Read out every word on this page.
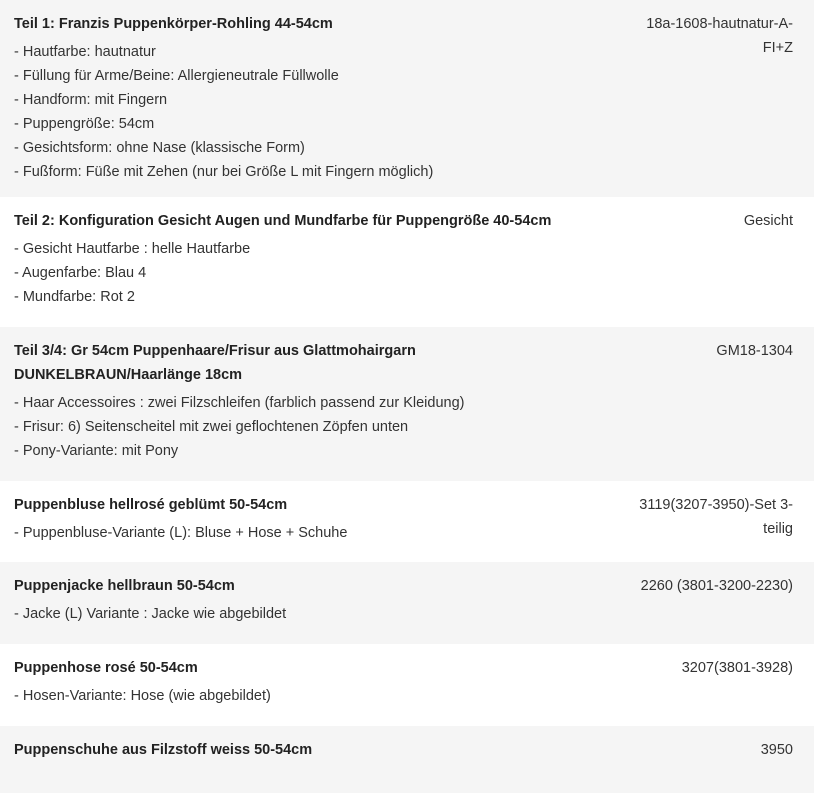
Teil 1: Franzis Puppenkörper-Rohling 44-54cm
- Hautfarbe: hautnatur
- Füllung für Arme/Beine: Allergieneutrale Füllwolle
- Handform: mit Fingern
- Puppengröße: 54cm
- Gesichtsform: ohne Nase (klassische Form)
- Fußform: Füße mit Zehen (nur bei Größe L mit Fingern möglich)
18a-1608-hautnatur-A-FI+Z
Teil 2: Konfiguration Gesicht Augen und Mundfarbe für Puppengröße 40-54cm
- Gesicht Hautfarbe : helle Hautfarbe
- Augenfarbe: Blau 4
- Mundfarbe: Rot 2
Gesicht
Teil 3/4: Gr 54cm Puppenhaare/Frisur aus Glattmohairgarn DUNKELBRAUN/Haarlänge 18cm
- Haar Accessoires : zwei Filzschleifen (farblich passend zur Kleidung)
- Frisur: 6) Seitenscheitel mit zwei geflochtenen Zöpfen unten
- Pony-Variante: mit Pony
GM18-1304
Puppenbluse hellrosé geblümt 50-54cm
- Puppenbluse-Variante (L): Bluse + Hose + Schuhe
3119(3207-3950)-Set 3-teilig
Puppenjacke hellbraun 50-54cm
- Jacke (L) Variante : Jacke wie abgebildet
2260 (3801-3200-2230)
Puppenhose rosé 50-54cm
- Hosen-Variante: Hose (wie abgebildet)
3207(3801-3928)
Puppenschuhe aus Filzstoff weiss 50-54cm	3950
